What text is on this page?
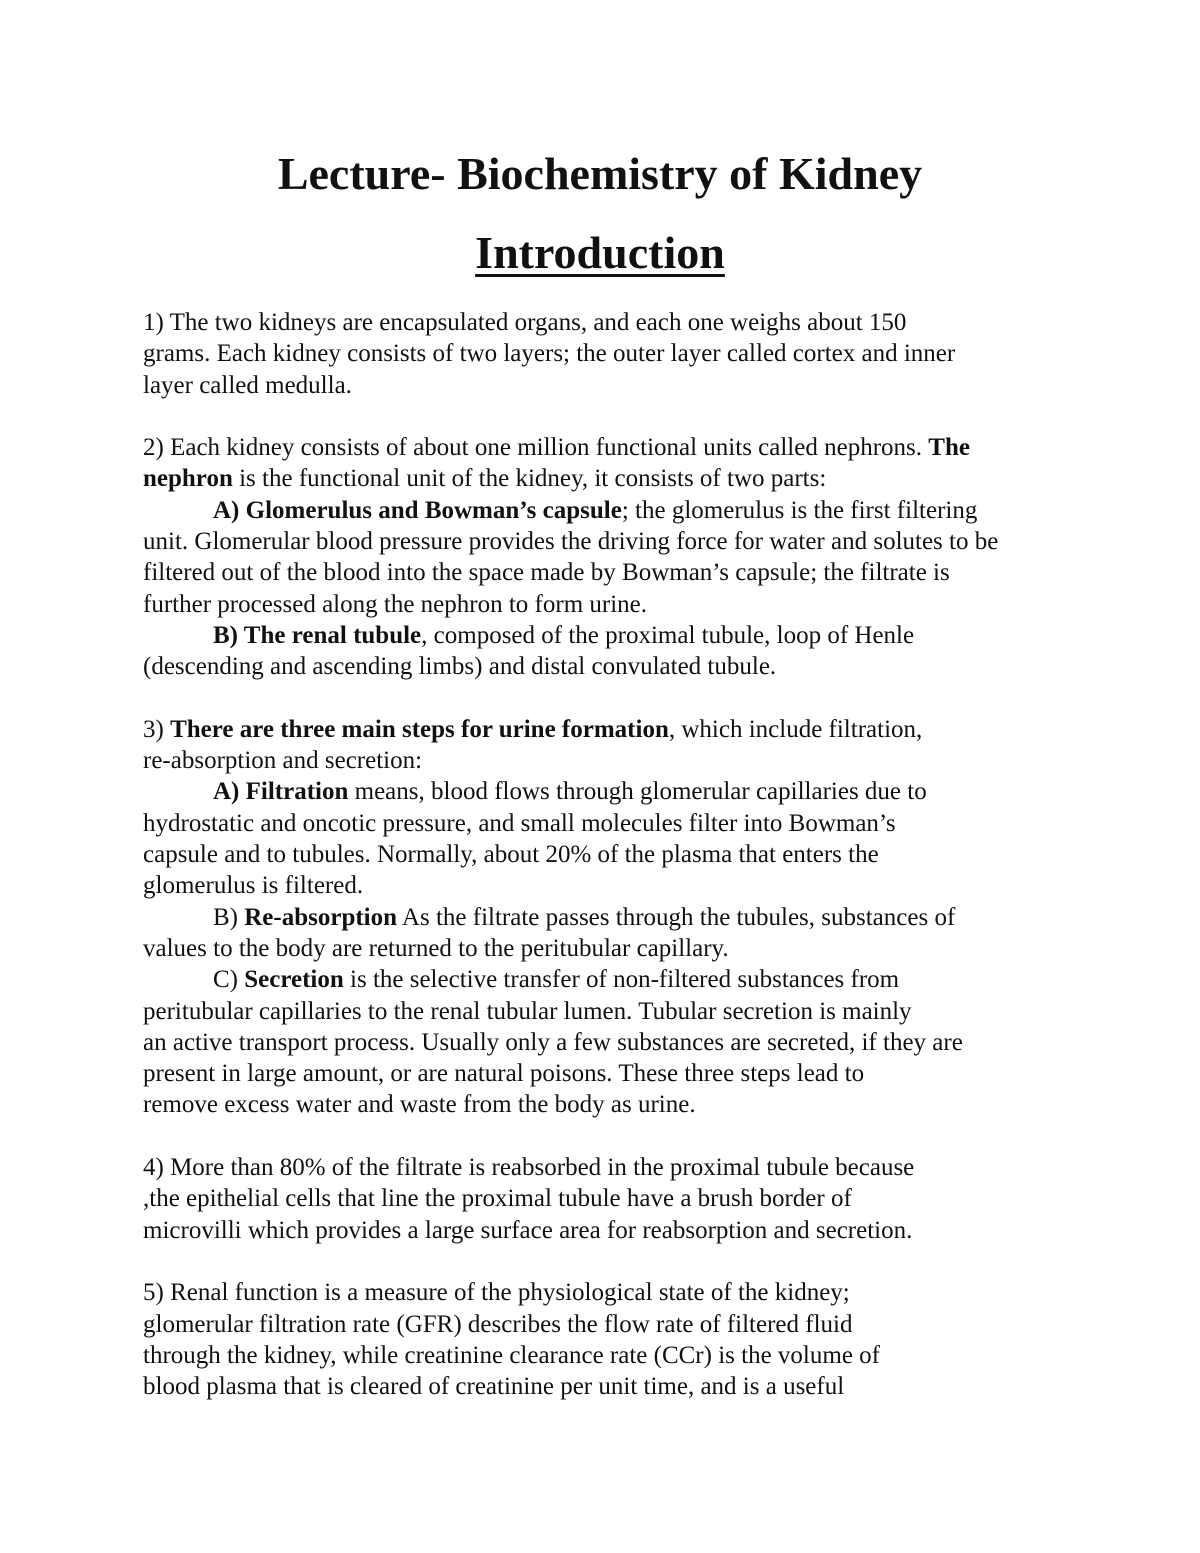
Lecture- Biochemistry of Kidney
Introduction

1) The two kidneys are encapsulated organs, and each one weighs about 150
grams. Each kidney consists of two layers; the outer layer called cortex and inner
layer called medulla.

2) Each kidney consists of about one million functional units called nephrons. The
nephron is the functional unit of the kidney, it consists of two parts:
A) Glomerulus and Bowman’s capsule; the glomerulus is the first filtering
unit. Glomerular blood pressure provides the driving force for water and solutes to be
filtered out of the blood into the space made by Bowman’s capsule; the filtrate is
further processed along the nephron to form urine.
B) The renal tubule, composed of the proximal tubule, loop of Henle
(descending and ascending limbs) and distal convulated tubule.

3) There are three main steps for urine formation, which include filtration,
re-absorption and secretion:
A) Filtration means, blood flows through glomerular capillaries due to
hydrostatic and oncotic pressure, and small molecules filter into Bowman’s
capsule and to tubules. Normally, about 20% of the plasma that enters the
glomerulus is filtered.
B) Re-absorption As the filtrate passes through the tubules, substances of
values to the body are returned to the peritubular capillary.
C) Secretion is the selective transfer of non-filtered substances from
peritubular capillaries to the renal tubular lumen. Tubular secretion is mainly
an active transport process. Usually only a few substances are secreted, if they are
present in large amount, or are natural poisons. These three steps lead to
remove excess water and waste from the body as urine.

4) More than 80% of the filtrate is reabsorbed in the proximal tubule because
,the epithelial cells that line the proximal tubule have a brush border of
microvilli which provides a large surface area for reabsorption and secretion.

5) Renal function is a measure of the physiological state of the kidney;
glomerular filtration rate (GFR) describes the flow rate of filtered fluid
through the kidney, while creatinine clearance rate (CCr) is the volume of
blood plasma that is cleared of creatinine per unit time, and is a useful
